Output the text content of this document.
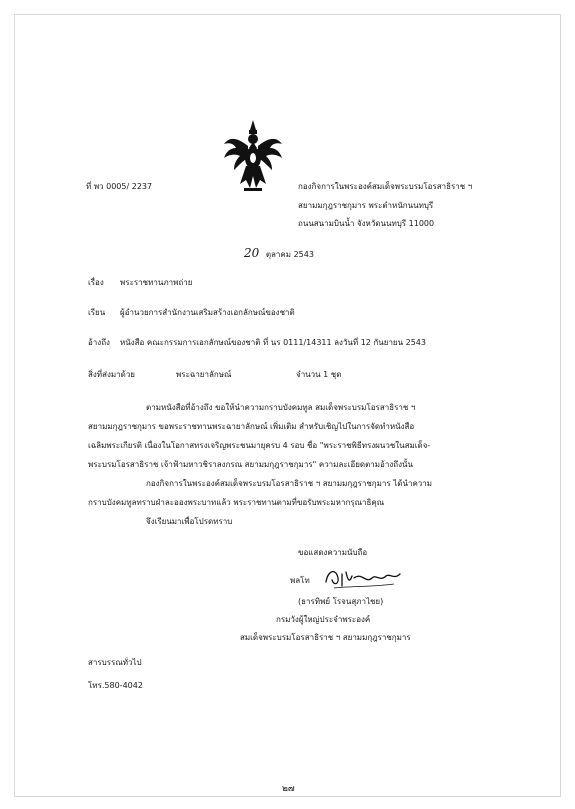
ที่ พว 0005/ 2237	กองกิจการในพระองค์สมเด็จพระบรมโอรสาธิราช ฯ
สยามมกุฎราชกุมาร พระตำหนักนนทบุรี
ถนนสนามบินน้ำ จังหวัดนนทบุรี 11000
20 ตุลาคม 2543
เรื่อง พระราชทานภาพถ่าย
เรียน ผู้อำนวยการสำนักงานเสริมสร้างเอกลักษณ์ของชาติ
อ้างถึง หนังสือ คณะกรรมการเอกลักษณ์ของชาติ ที่ นร 0111/14311 ลงวันที่ 12 กันยายน 2543
สิ่งที่ส่งมาด้วย	พระฉายาลักษณ์	จำนวน 1 ชุด
ตามหนังสือที่อ้างถึง ขอให้นำความกราบบังคมทูล สมเด็จพระบรมโอรสาธิราช ฯ
สยามมกุฎราชกุมาร ขอพระราชทานพระฉายาลักษณ์ เพิ่มเติม สำหรับเชิญไปในการจัดทำหนังสือ
เฉลิมพระเกียรติ เนื่องในโอกาสทรงเจริญพระชนมายุครบ 4 รอบ ชื่อ "พระราชพิธีทรงผนวชในสมเด็จ-
พระบรมโอรสาธิราช เจ้าฟ้ามหาวชิราลงกรณ สยามมกุฎราชกุมาร" ความละเอียดตามอ้างถึงนั้น
กองกิจการในพระองค์สมเด็จพระบรมโอรสาธิราช ฯ สยามมกุฎราชกุมาร ได้นำความ
กราบบังคมทูลทราบฝ่าละอองพระบาทแล้ว พระราชทานตามที่ขอรับพระมหากรุณาธิคุณ
จึงเรียนมาเพื่อโปรดทราบ
ขอแสดงความนับถือ
พลโท
(ธารทิพย์ โรจนสุภาไชย)
กรมวังผู้ใหญ่ประจำพระองค์
สมเด็จพระบรมโอรสาธิราช ฯ สยามมกุฎราชกุมาร
สารบรรณทั่วไป
โทร.580-4042
๒๗
